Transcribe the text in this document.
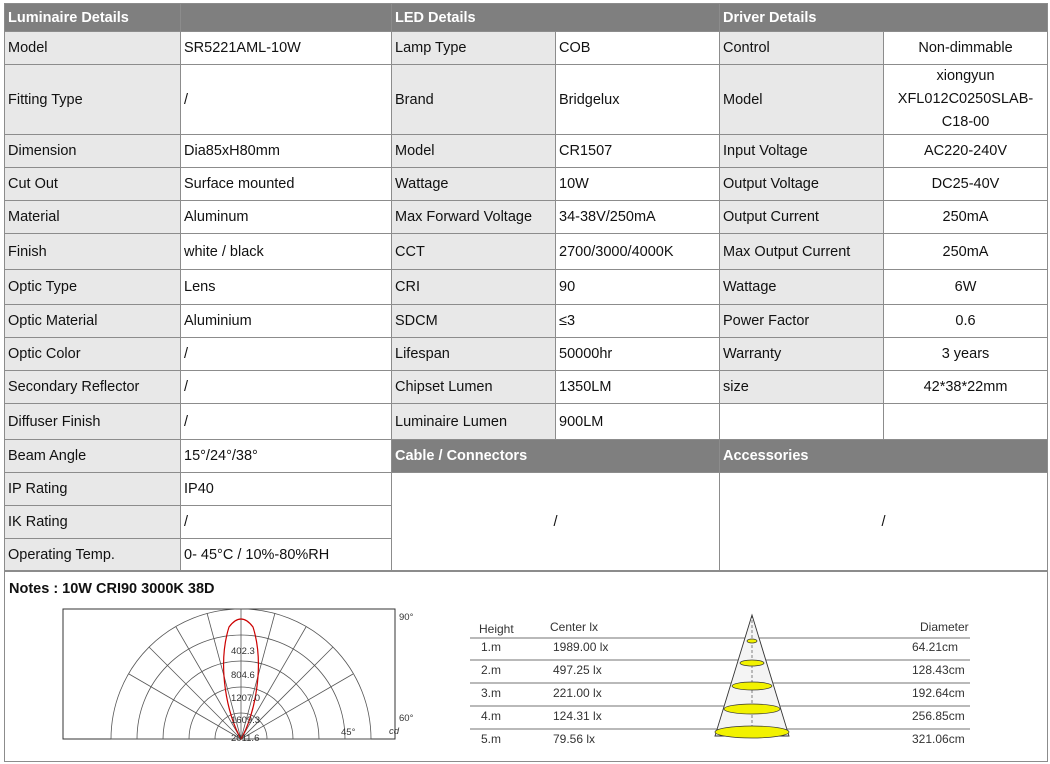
Luminaire Details		LED Details		Driver Details	
Model	SR5221AML-10W	Lamp Type	COB	Control	Non-dimmable
Fitting Type	/	Brand	Bridgelux	Model	xiongyun XFL012C0250SLAB-C18-00
Dimension	Dia85xH80mm	Model	CR1507	Input Voltage	AC220-240V
Cut Out	Surface mounted	Wattage	10W	Output Voltage	DC25-40V
Material	Aluminum	Max Forward Voltage	34-38V/250mA	Output Current	250mA
Finish	white / black	CCT	2700/3000/4000K	Max Output Current	250mA
Optic Type	Lens	CRI	90	Wattage	6W
Optic Material	Aluminium	SDCM	≤3	Power Factor	0.6
Optic Color	/	Lifespan	50000hr	Warranty	3 years
Secondary Reflector	/	Chipset Lumen	1350LM	size	42*38*22mm
Diffuser Finish	/	Luminaire Lumen	900LM		
Beam Angle	15°/24°/38°	Cable / Connectors		Accessories	
IP Rating	IP40	/		/	
IK Rating	/				
Operating Temp.	0- 45°C / 10%-80%RH				
Notes : 10W CRI90 3000K 38D
402.3
804.6
1207.0
1609.3
2011.6
90°
60°
45°	cd
Height	Center lx	Diameter
1.m	1989.00 lx	64.21cm
2.m	497.25 lx	128.43cm
3.m	221.00 lx	192.64cm
4.m	124.31 lx	256.85cm
5.m	79.56 lx	321.06cm
